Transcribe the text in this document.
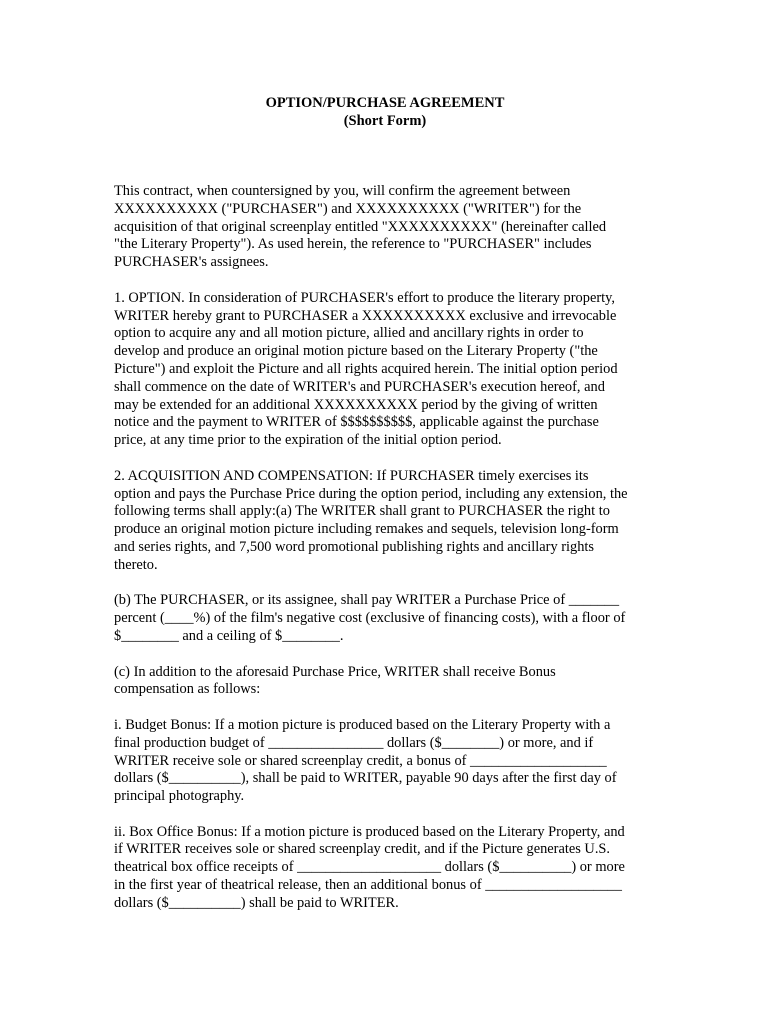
OPTION/PURCHASE AGREEMENT

(Short Form)

This contract, when countersigned by you, will confirm the agreement between
XXXXXXXXXX ("PURCHASER") and XXXXXXXXXX ("WRITER") for the
acquisition of that original screenplay entitled "XXXXXXXXXX" (hereinafter called
"the Literary Property"). As used herein, the reference to "PURCHASER" includes
PURCHASER's assignees.
1. OPTION. In consideration of PURCHASER's effort to produce the literary property,
WRITER hereby grant to PURCHASER a XXXXXXXXXX exclusive and irrevocable
option to acquire any and all motion picture, allied and ancillary rights in order to
develop and produce an original motion picture based on the Literary Property ("the
Picture") and exploit the Picture and all rights acquired herein. The initial option period
shall commence on the date of WRITER's and PURCHASER's execution hereof, and
may be extended for an additional XXXXXXXXXX period by the giving of written
notice and the payment to WRITER of $$$$$$$$$$, applicable against the purchase
price, at any time prior to the expiration of the initial option period.
2. ACQUISITION AND COMPENSATION: If PURCHASER timely exercises its
option and pays the Purchase Price during the option period, including any extension, the
following terms shall apply:(a) The WRITER shall grant to PURCHASER the right to
produce an original motion picture including remakes and sequels, television long-form
and series rights, and 7,500 word promotional publishing rights and ancillary rights
thereto.
(b) The PURCHASER, or its assignee, shall pay WRITER a Purchase Price of _______
percent (____%) of the film's negative cost (exclusive of financing costs), with a floor of
$________ and a ceiling of $________.
(c) In addition to the aforesaid Purchase Price, WRITER shall receive Bonus
compensation as follows:
i. Budget Bonus: If a motion picture is produced based on the Literary Property with a
final production budget of ________________ dollars ($________) or more, and if
WRITER receive sole or shared screenplay credit, a bonus of ___________________
dollars ($__________), shall be paid to WRITER, payable 90 days after the first day of
principal photography.
ii. Box Office Bonus: If a motion picture is produced based on the Literary Property, and
if WRITER receives sole or shared screenplay credit, and if the Picture generates U.S.
theatrical box office receipts of ____________________ dollars ($__________) or more
in the first year of theatrical release, then an additional bonus of ___________________
dollars ($__________) shall be paid to WRITER.
